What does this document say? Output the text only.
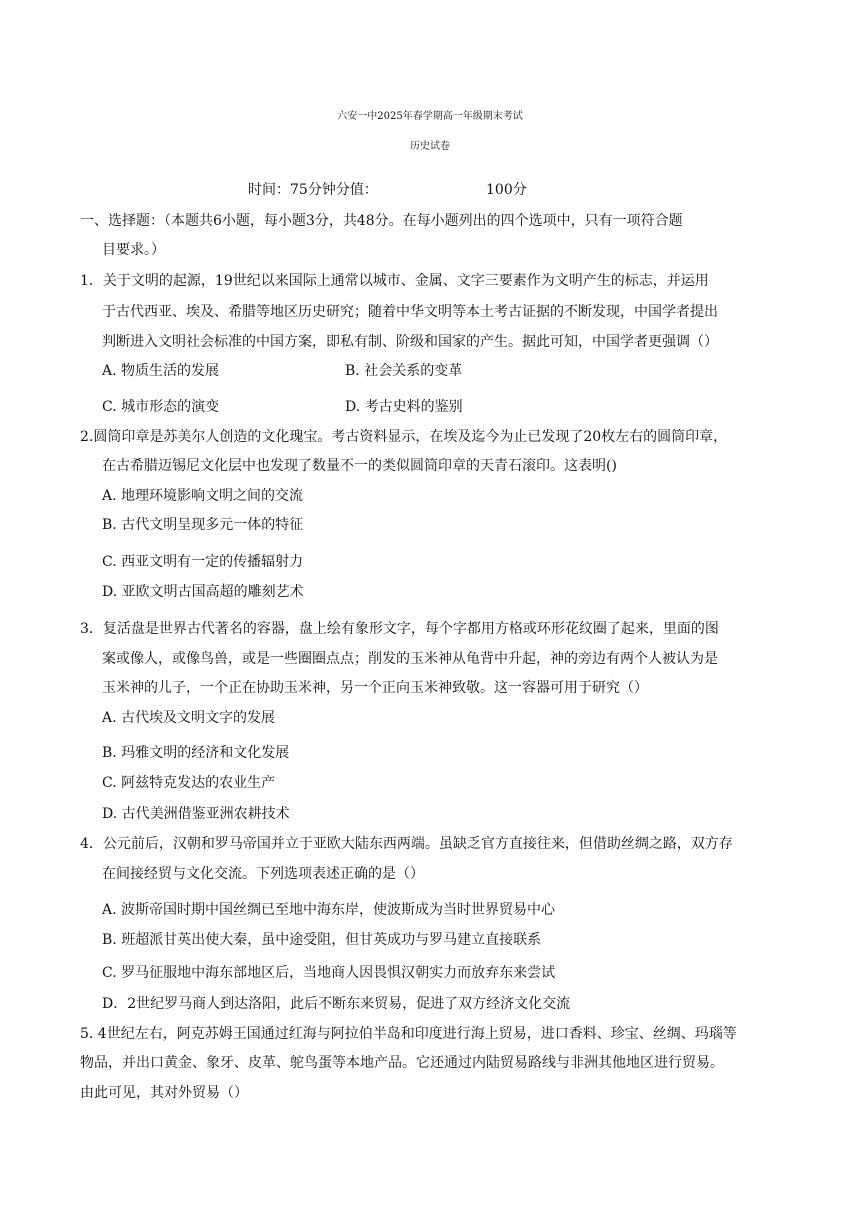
六安一中2025年春学期高一年级期末考试
历史试卷
时间：75分钟分值：	100分
一、选择题：（本题共6小题，每小题3分，共48分。在每小题列出的四个选项中，只有一项符合题
目要求。）
1．关于文明的起源，19世纪以来国际上通常以城市、金属、文字三要素作为文明产生的标志，并运用
于古代西亚、埃及、希腊等地区历史研究；随着中华文明等本土考古证据的不断发现，中国学者提出
判断进入文明社会标准的中国方案，即私有制、阶级和国家的产生。据此可知，中国学者更强调（）
A. 物质生活的发展	B. 社会关系的变革
C. 城市形态的演变	D. 考古史料的鉴别
2.圆筒印章是苏美尔人创造的文化瑰宝。考古资料显示，在埃及迄今为止已发现了20枚左右的圆筒印章，
在古希腊迈锡尼文化层中也发现了数量不一的类似圆筒印章的天青石滚印。这表明()
A. 地理环境影响文明之间的交流
B. 古代文明呈现多元一体的特征
C. 西亚文明有一定的传播辐射力
D. 亚欧文明古国高超的雕刻艺术
3．复活盘是世界古代著名的容器，盘上绘有象形文字，每个字都用方格或环形花纹圈了起来，里面的图
案或像人，或像鸟兽，或是一些圈圈点点；削发的玉米神从龟背中升起，神的旁边有两个人被认为是
玉米神的儿子，一个正在协助玉米神，另一个正向玉米神致敬。这一容器可用于研究（）
A. 古代埃及文明文字的发展
B. 玛雅文明的经济和文化发展
C. 阿兹特克发达的农业生产
D. 古代美洲借鉴亚洲农耕技术
4．公元前后，汉朝和罗马帝国并立于亚欧大陆东西两端。虽缺乏官方直接往来，但借助丝绸之路，双方存
在间接经贸与文化交流。下列选项表述正确的是（）
A. 波斯帝国时期中国丝绸已至地中海东岸，使波斯成为当时世界贸易中心
B. 班超派甘英出使大秦，虽中途受阻，但甘英成功与罗马建立直接联系
C. 罗马征服地中海东部地区后，当地商人因畏惧汉朝实力而放弃东来尝试
D．2世纪罗马商人到达洛阳，此后不断东来贸易，促进了双方经济文化交流
5. 4世纪左右，阿克苏姆王国通过红海与阿拉伯半岛和印度进行海上贸易，进口香料、珍宝、丝绸、玛瑙等
物品，并出口黄金、象牙、皮革、鸵鸟蛋等本地产品。它还通过内陆贸易路线与非洲其他地区进行贸易。
由此可见，其对外贸易（）
